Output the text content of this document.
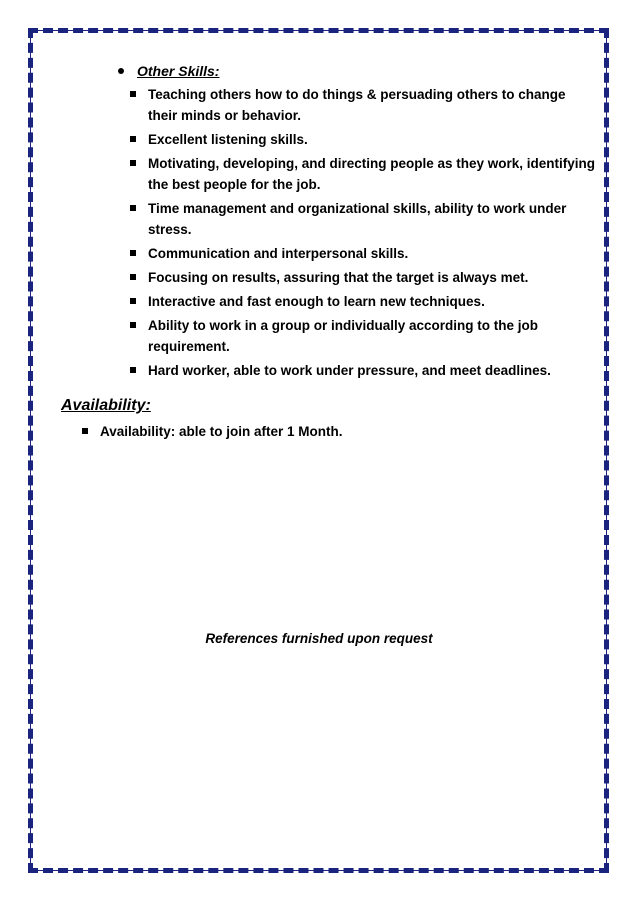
Other Skills:
Teaching others how to do things & persuading others to change their minds or behavior.
Excellent listening skills.
Motivating, developing, and directing people as they work, identifying the best people for the job.
Time management and organizational skills, ability to work under stress.
Communication and interpersonal skills.
Focusing on results, assuring that the target is always met.
Interactive and fast enough to learn new techniques.
Ability to work in a group or individually according to the job requirement.
Hard worker, able to work under pressure, and meet deadlines.
Availability:
Availability: able to join after 1 Month.
References furnished upon request
